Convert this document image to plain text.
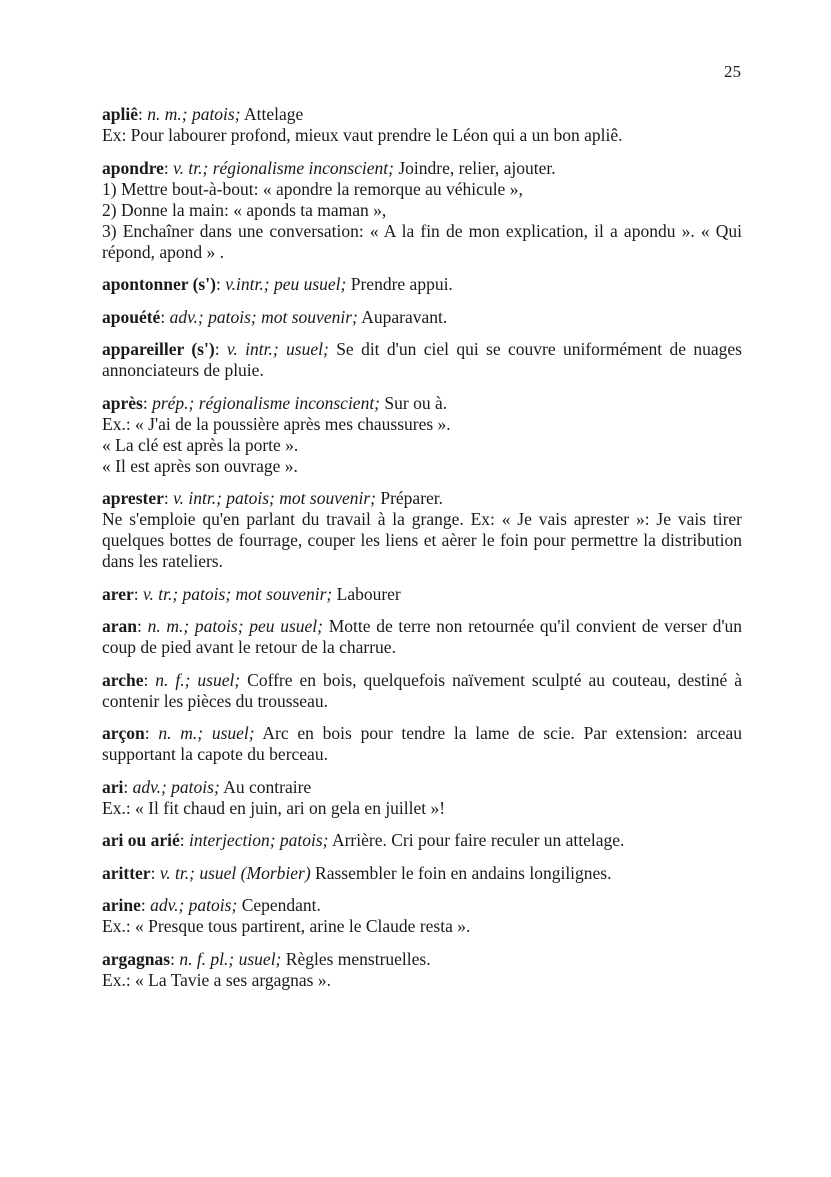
25

apliê: n. m.; patois; Attelage

Ex: Pour labourer profond, mieux vaut prendre le Léon qui a un bon apliê.

apondre: v. tr.; régionalisme inconscient; Joindre, relier, ajouter.

1) Mettre bout-à-bout: « apondre la remorque au véhicule »,

2) Donne la main: « aponds ta maman »,

3) Enchaîner dans une conversation: « A la fin de mon explication, il a apondu ». « Qui répond, apond » .

apontonner (s'): v.intr.; peu usuel; Prendre appui.

apouété: adv.; patois; mot souvenir; Auparavant.

appareiller (s'): v. intr.; usuel; Se dit d'un ciel qui se couvre uniformément de nuages annonciateurs de pluie.

après: prép.; régionalisme inconscient; Sur ou à.

Ex.: « J'ai de la poussière après mes chaussures ».

« La clé est après la porte ».

« Il est après son ouvrage ».

aprester: v. intr.; patois; mot souvenir; Préparer.

Ne s'emploie qu'en parlant du travail à la grange. Ex: « Je vais aprester »: Je vais tirer quelques bottes de fourrage, couper les liens et aèrer le foin pour permettre la distribution dans les rateliers.

arer: v. tr.; patois; mot souvenir; Labourer

aran: n. m.; patois; peu usuel; Motte de terre non retournée qu'il convient de verser d'un coup de pied avant le retour de la charrue.

arche: n. f.; usuel; Coffre en bois, quelquefois naïvement sculpté au couteau, destiné à contenir les pièces du trousseau.

arçon: n. m.; usuel; Arc en bois pour tendre la lame de scie. Par extension: arceau supportant la capote du berceau.

ari: adv.; patois; Au contraire

Ex.: « Il fit chaud en juin, ari on gela en juillet »!

ari ou arié: interjection; patois; Arrière. Cri pour faire reculer un attelage.

aritter: v. tr.; usuel (Morbier) Rassembler le foin en andains longilignes.

arine: adv.; patois; Cependant.

Ex.: « Presque tous partirent, arine le Claude resta ».

argagnas: n. f. pl.; usuel; Règles menstruelles.

Ex.: « La Tavie a ses argagnas ».
